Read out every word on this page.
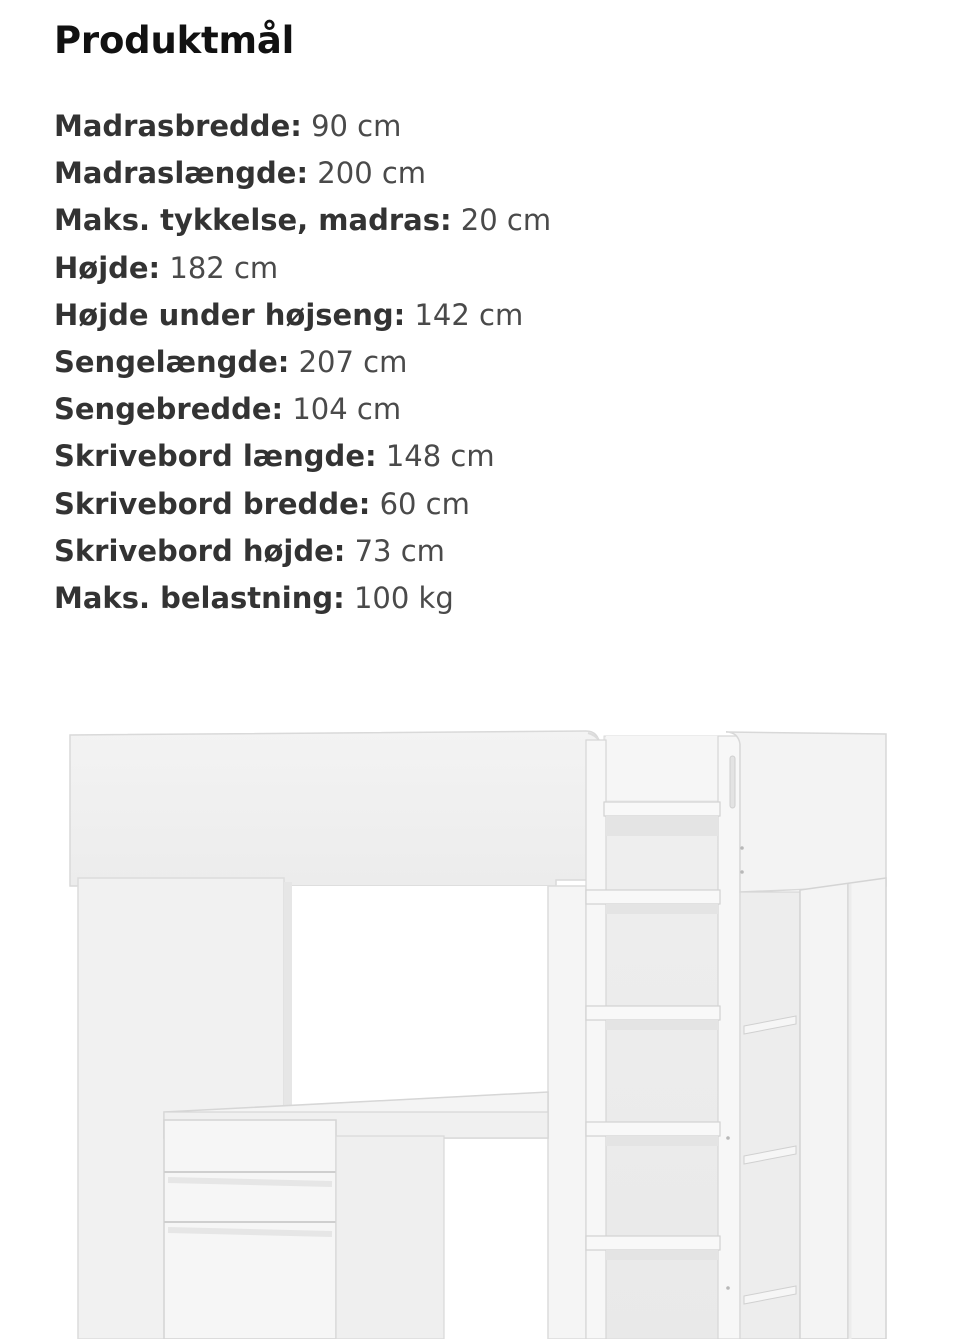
Produktmål
Madrasbredde: 90 cm
Madraslængde: 200 cm
Maks. tykkelse, madras: 20 cm
Højde: 182 cm
Højde under højseng: 142 cm
Sengelængde: 207 cm
Sengebredde: 104 cm
Skrivebord længde: 148 cm
Skrivebord bredde: 60 cm
Skrivebord højde: 73 cm
Maks. belastning: 100 kg
